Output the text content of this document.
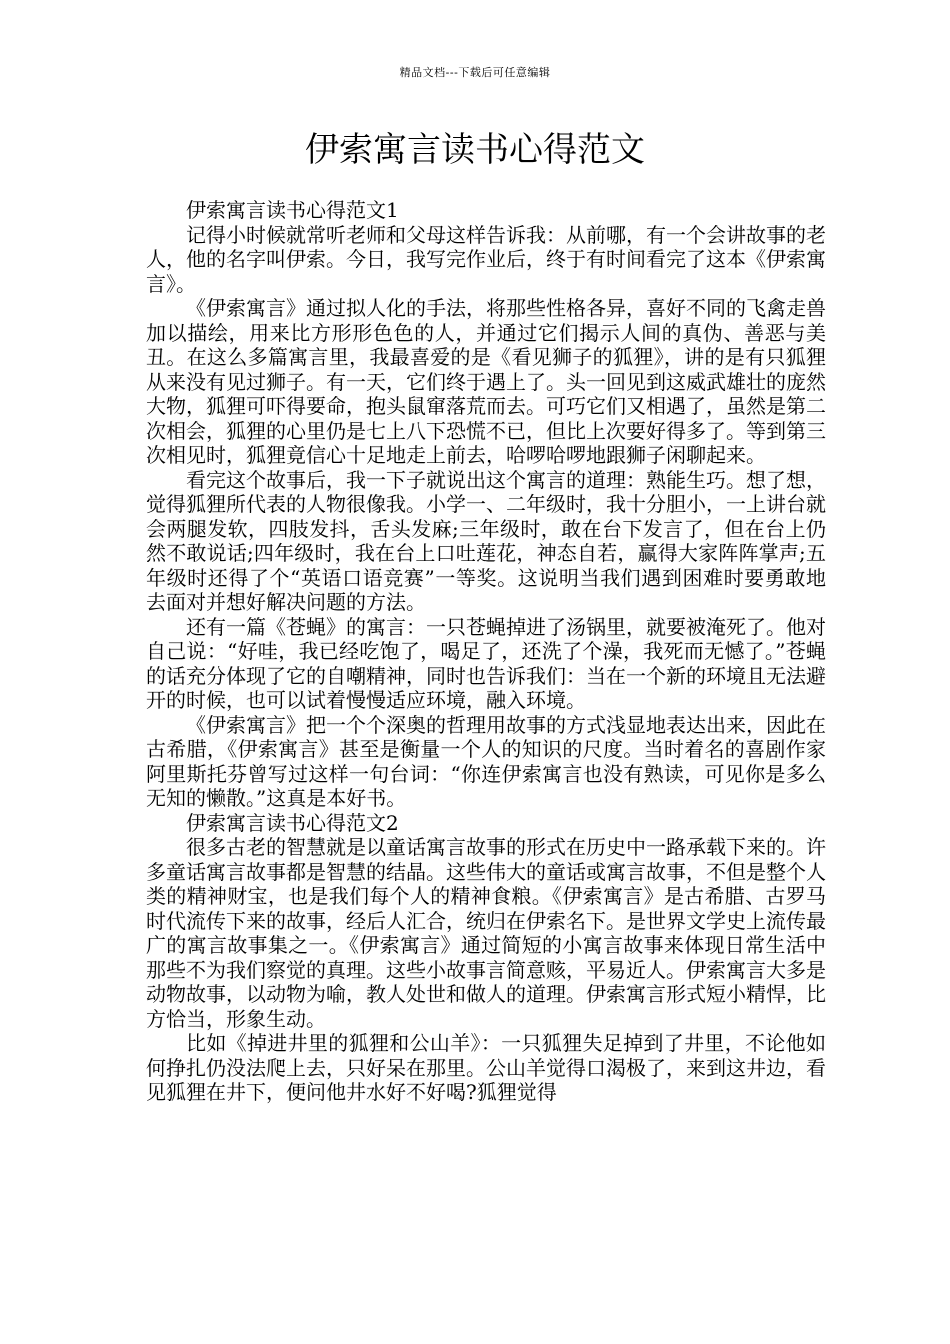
精品文档---下载后可任意编辑
伊索寓言读书心得范文

伊索寓言读书心得范文1

记得小时候就常听老师和父母这样告诉我：从前哪，有一个会讲故事的老人，他的名字叫伊索。今日，我写完作业后，终于有时间看完了这本《伊索寓言》。

《伊索寓言》通过拟人化的手法，将那些性格各异，喜好不同的飞禽走兽加以描绘，用来比方形形色色的人，并通过它们揭示人间的真伪、善恶与美丑。在这么多篇寓言里，我最喜爱的是《看见狮子的狐狸》，讲的是有只狐狸从来没有见过狮子。有一天，它们终于遇上了。头一回见到这威武雄壮的庞然大物，狐狸可吓得要命，抱头鼠窜落荒而去。可巧它们又相遇了，虽然是第二次相会，狐狸的心里仍是七上八下恐慌不已，但比上次要好得多了。等到第三次相见时，狐狸竟信心十足地走上前去，哈啰哈啰地跟狮子闲聊起来。

看完这个故事后，我一下子就说出这个寓言的道理：熟能生巧。想了想，觉得狐狸所代表的人物很像我。小学一、二年级时，我十分胆小，一上讲台就会两腿发软，四肢发抖，舌头发麻;三年级时，敢在台下发言了，但在台上仍然不敢说话;四年级时，我在台上口吐莲花，神态自若，赢得大家阵阵掌声;五年级时还得了个“英语口语竞赛”一等奖。这说明当我们遇到困难时要勇敢地去面对并想好解决问题的方法。

还有一篇《苍蝇》的寓言：一只苍蝇掉进了汤锅里，就要被淹死了。他对自己说：“好哇，我已经吃饱了，喝足了，还洗了个澡，我死而无憾了。”苍蝇的话充分体现了它的自嘲精神，同时也告诉我们：当在一个新的环境且无法避开的时候，也可以试着慢慢适应环境，融入环境。

《伊索寓言》把一个个深奥的哲理用故事的方式浅显地表达出来，因此在古希腊，《伊索寓言》甚至是衡量一个人的知识的尺度。当时着名的喜剧作家阿里斯托芬曾写过这样一句台词：“你连伊索寓言也没有熟读，可见你是多么无知的懒散。”这真是本好书。

伊索寓言读书心得范文2

很多古老的智慧就是以童话寓言故事的形式在历史中一路承载下来的。许多童话寓言故事都是智慧的结晶。这些伟大的童话或寓言故事，不但是整个人类的精神财宝，也是我们每个人的精神食粮。《伊索寓言》是古希腊、古罗马时代流传下来的故事，经后人汇合，统归在伊索名下。是世界文学史上流传最广的寓言故事集之一。《伊索寓言》通过简短的小寓言故事来体现日常生活中那些不为我们察觉的真理。这些小故事言简意赅，平易近人。伊索寓言大多是动物故事，以动物为喻，教人处世和做人的道理。伊索寓言形式短小精悍，比方恰当，形象生动。

比如《掉进井里的狐狸和公山羊》：一只狐狸失足掉到了井里，不论他如何挣扎仍没法爬上去，只好呆在那里。公山羊觉得口渴极了，来到这井边，看见狐狸在井下，便问他井水好不好喝?狐狸觉得
